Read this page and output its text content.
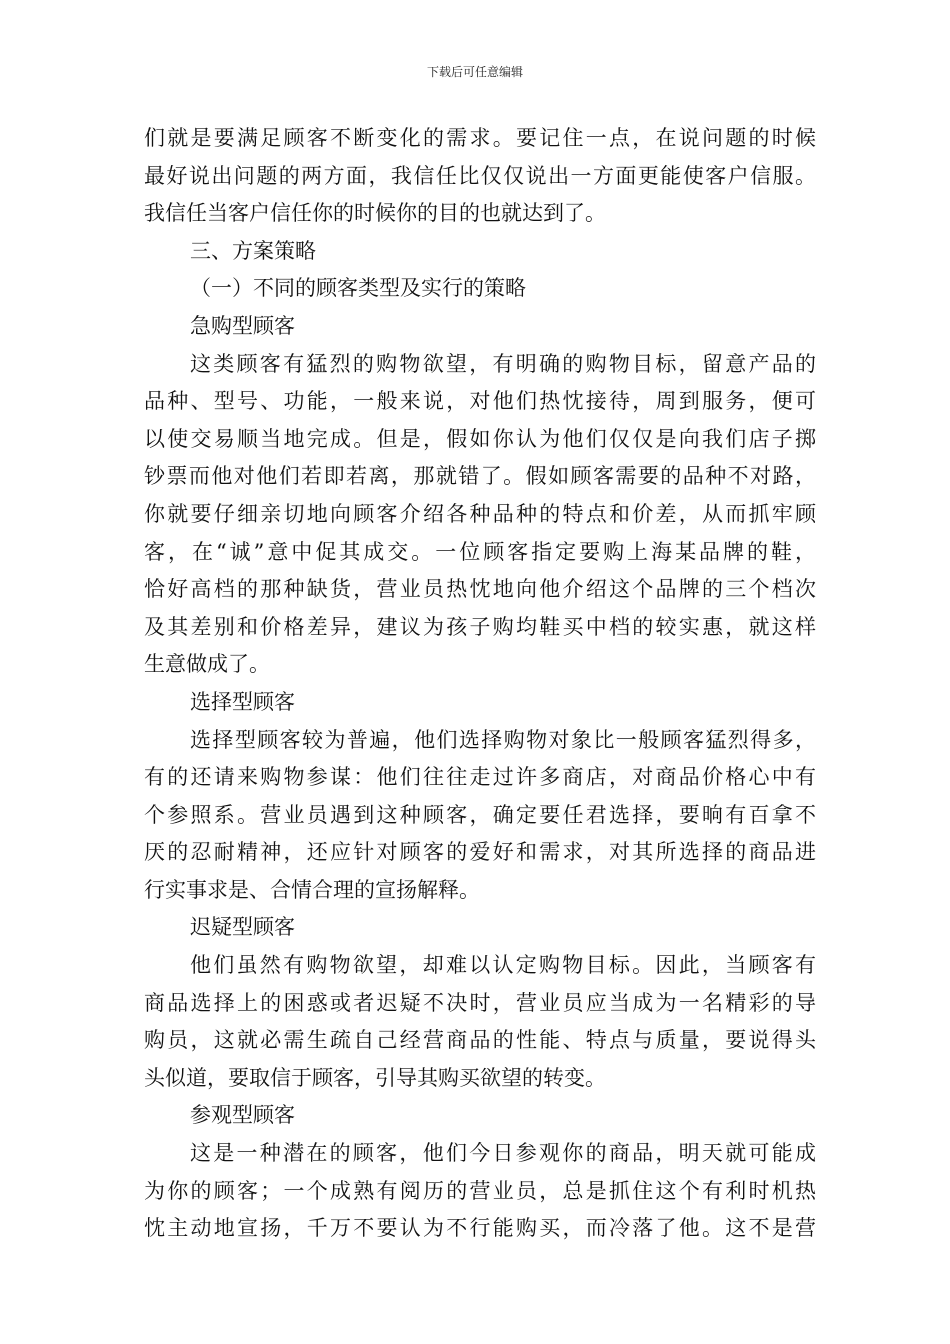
下载后可任意编辑
们就是要满足顾客不断变化的需求。要记住一点，在说问题的时候
最好说出问题的两方面，我信任比仅仅说出一方面更能使客户信服。
我信任当客户信任你的时候你的目的也就达到了。
三、方案策略
（一）不同的顾客类型及实行的策略
急购型顾客
这类顾客有猛烈的购物欲望，有明确的购物目标，留意产品的
品种、型号、功能，一般来说，对他们热忱接待，周到服务，便可
以使交易顺当地完成。但是，假如你认为他们仅仅是向我们店子掷
钞票而他对他们若即若离，那就错了。假如顾客需要的品种不对路，
你就要仔细亲切地向顾客介绍各种品种的特点和价差，从而抓牢顾
客，在“诚”意中促其成交。一位顾客指定要购上海某品牌的鞋，
恰好高档的那种缺货，营业员热忱地向他介绍这个品牌的三个档次
及其差别和价格差异，建议为孩子购均鞋买中档的较实惠，就这样
生意做成了。
选择型顾客
选择型顾客较为普遍，他们选择购物对象比一般顾客猛烈得多，
有的还请来购物参谋：他们往往走过许多商店，对商品价格心中有
个参照系。营业员遇到这种顾客，确定要任君选择，要晌有百拿不
厌的忍耐精神，还应针对顾客的爱好和需求，对其所选择的商品进
行实事求是、合情合理的宣扬解释。
迟疑型顾客
他们虽然有购物欲望，却难以认定购物目标。因此，当顾客有
商品选择上的困惑或者迟疑不决时，营业员应当成为一名精彩的导
购员，这就必需生疏自己经营商品的性能、特点与质量，要说得头
头似道，要取信于顾客，引导其购买欲望的转变。
参观型顾客
这是一种潜在的顾客，他们今日参观你的商品，明天就可能成
为你的顾客；一个成熟有阅历的营业员，总是抓住这个有利时机热
忱主动地宣扬，千万不要认为不行能购买，而冷落了他。这不是营
